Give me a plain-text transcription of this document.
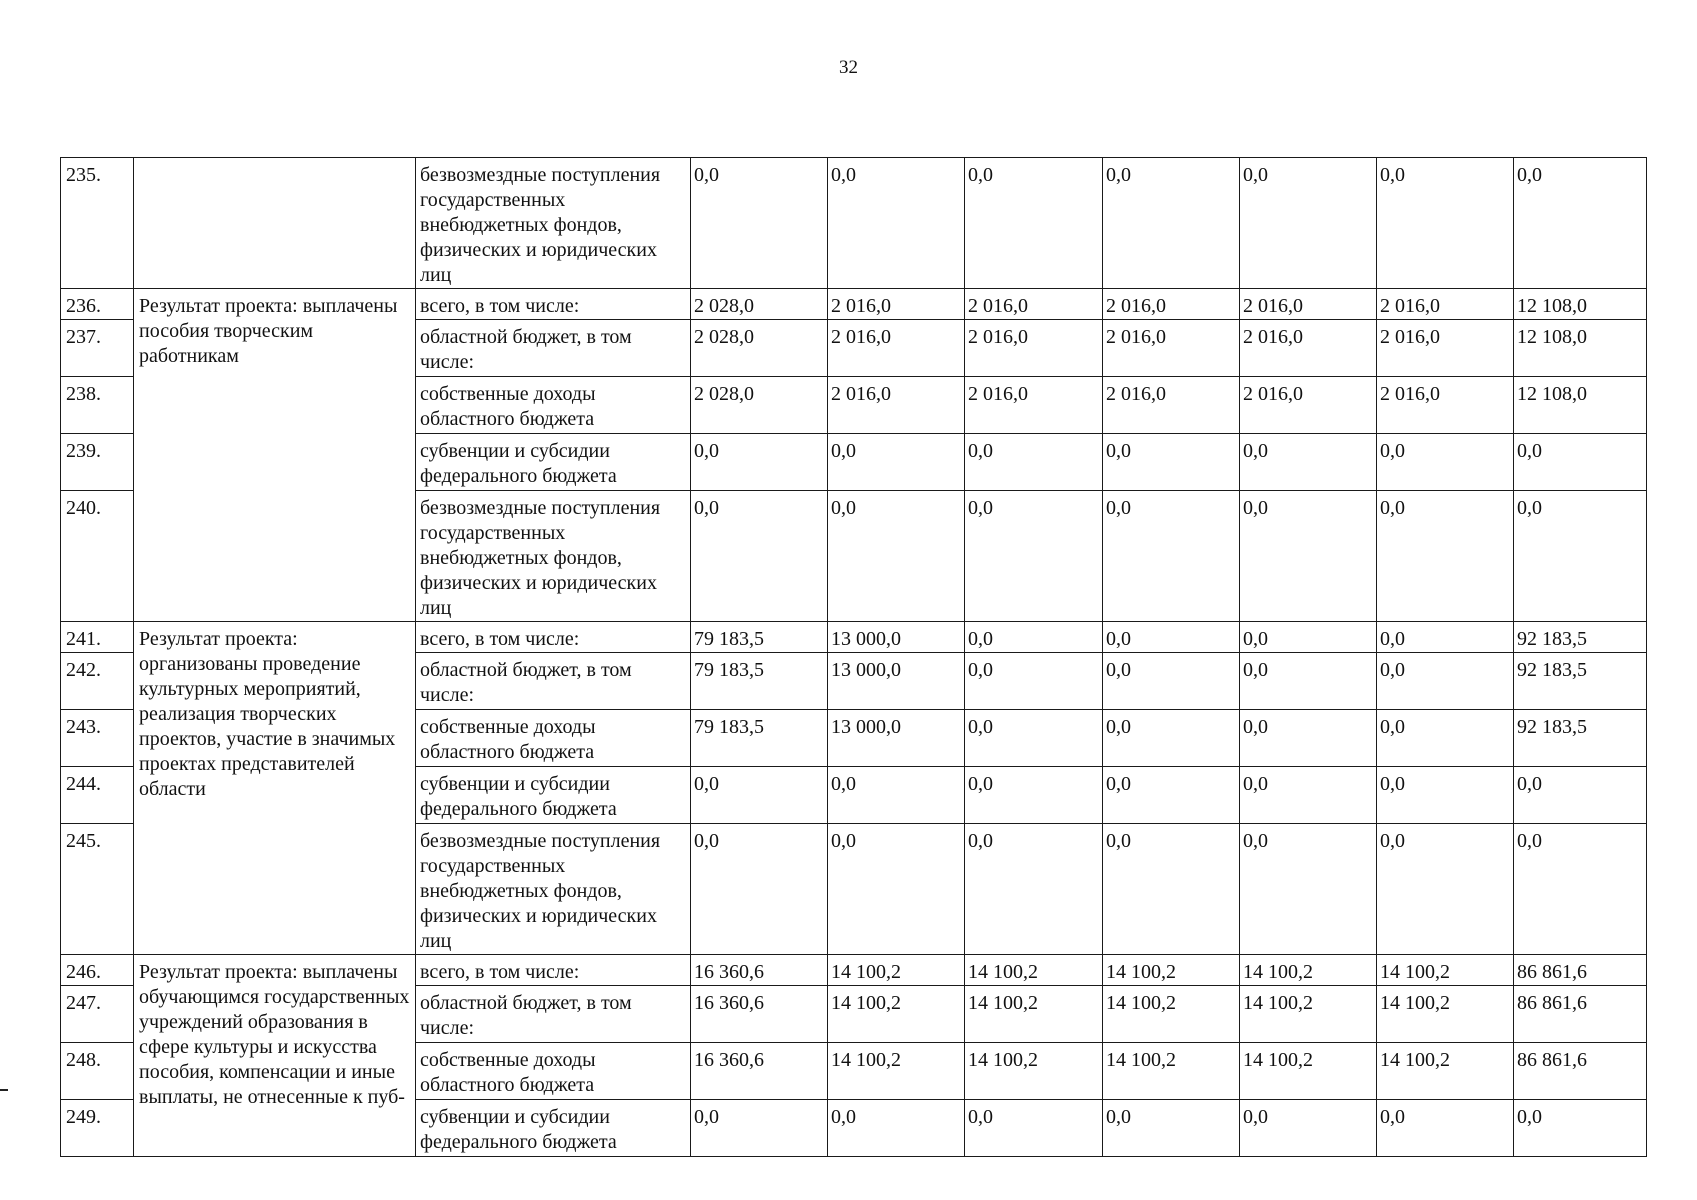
32
235.		безвозмездные поступления государственных внебюджетных фондов, физических и юридических лиц	0,0	0,0	0,0	0,0	0,0	0,0	0,0
236.	Результат проекта: выплачены пособия творческим работникам	всего, в том числе:	2 028,0	2 016,0	2 016,0	2 016,0	2 016,0	2 016,0	12 108,0
237.		областной бюджет, в том числе:	2 028,0	2 016,0	2 016,0	2 016,0	2 016,0	2 016,0	12 108,0
238.		собственные доходы областного бюджета	2 028,0	2 016,0	2 016,0	2 016,0	2 016,0	2 016,0	12 108,0
239.		субвенции и субсидии федерального бюджета	0,0	0,0	0,0	0,0	0,0	0,0	0,0
240.		безвозмездные поступления государственных внебюджетных фондов, физических и юридических лиц	0,0	0,0	0,0	0,0	0,0	0,0	0,0
241.	Результат проекта: организованы проведение культурных мероприятий, реализация творческих проектов, участие в значимых проектах представителей области	всего, в том числе:	79 183,5	13 000,0	0,0	0,0	0,0	0,0	92 183,5
242.		областной бюджет, в том числе:	79 183,5	13 000,0	0,0	0,0	0,0	0,0	92 183,5
243.		собственные доходы областного бюджета	79 183,5	13 000,0	0,0	0,0	0,0	0,0	92 183,5
244.		субвенции и субсидии федерального бюджета	0,0	0,0	0,0	0,0	0,0	0,0	0,0
245.		безвозмездные поступления государственных внебюджетных фондов, физических и юридических лиц	0,0	0,0	0,0	0,0	0,0	0,0	0,0
246.	Результат проекта: выплачены обучающимся государственных учреждений образования в сфере культуры и искусства пособия, компенсации и иные выплаты, не отнесенные к пуб-	всего, в том числе:	16 360,6	14 100,2	14 100,2	14 100,2	14 100,2	14 100,2	86 861,6
247.		областной бюджет, в том числе:	16 360,6	14 100,2	14 100,2	14 100,2	14 100,2	14 100,2	86 861,6
248.		собственные доходы областного бюджета	16 360,6	14 100,2	14 100,2	14 100,2	14 100,2	14 100,2	86 861,6
249.		субвенции и субсидии федерального бюджета	0,0	0,0	0,0	0,0	0,0	0,0	0,0
